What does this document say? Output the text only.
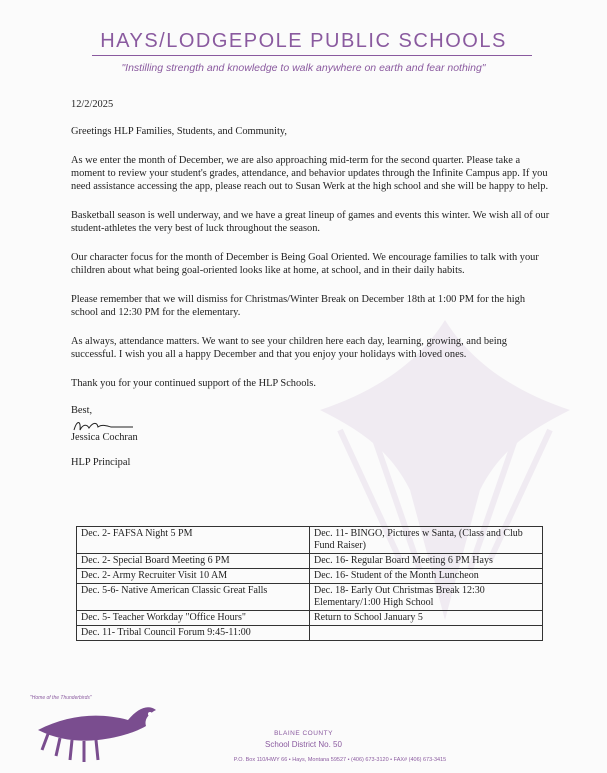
HAYS/LODGEPOLE PUBLIC SCHOOLS
"Instilling strength and knowledge to walk anywhere on earth and fear nothing"
12/2/2025
Greetings HLP Families, Students, and Community,

As we enter the month of December, we are also approaching mid-term for the second quarter. Please take a moment to review your student's grades, attendance, and behavior updates through the Infinite Campus app. If you need assistance accessing the app, please reach out to Susan Werk at the high school and she will be happy to help.

Basketball season is well underway, and we have a great lineup of games and events this winter. We wish all of our student-athletes the very best of luck throughout the season.

Our character focus for the month of December is Being Goal Oriented. We encourage families to talk with your children about what being goal-oriented looks like at home, at school, and in their daily habits.

Please remember that we will dismiss for Christmas/Winter Break on December 18th at 1:00 PM for the high school and 12:30 PM for the elementary.

As always, attendance matters. We want to see your children here each day, learning, growing, and being successful. I wish you all a happy December and that you enjoy your holidays with loved ones.

Thank you for your continued support of the HLP Schools.

Best,
Jessica Cochran
HLP Principal
Dec. 2- FAFSA Night 5 PM	Dec. 11- BINGO, Pictures w Santa, (Class and Club Fund Raiser)
Dec. 2- Special Board Meeting 6 PM	Dec. 16- Regular Board Meeting 6 PM Hays
Dec. 2- Army Recruiter Visit 10 AM	Dec. 16- Student of the Month Luncheon
Dec. 5-6- Native American Classic Great Falls	Dec. 18- Early Out Christmas Break 12:30 Elementary/1:00 High School
Dec. 5- Teacher Workday "Office Hours"	Return to School January 5
Dec. 11- Tribal Council Forum 9:45-11:00	
"Home of the Thunderbirds"
BLAINE COUNTY
School District No. 50
P.O. Box 110/HWY 66 • Hays, Montana 59527 • (406) 673-3120 • FAX# (406) 673-3415
